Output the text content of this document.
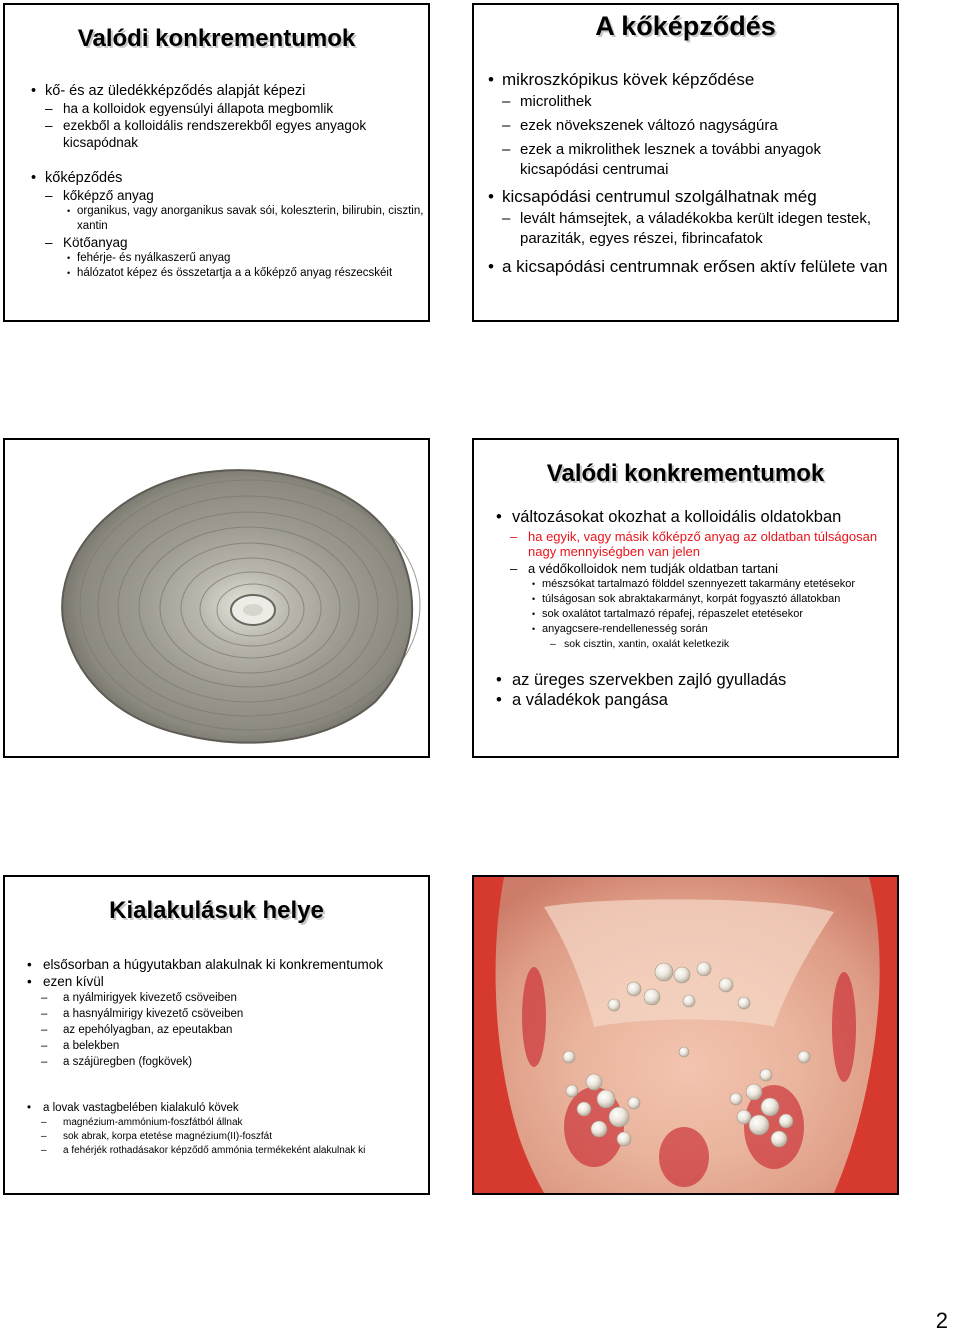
Valódi konkrementumok
• kő- és az üledékképződés alapját képezi
– ha a kolloidok egyensúlyi állapota megbomlik
– ezekből a kolloidális rendszerekből egyes anyagok kicsapódnak
• kőképződés
– kőképző anyag
• organikus, vagy anorganikus savak sói, koleszterin, bilirubin, cisztin, xantin
– Kötőanyag
• fehérje- és nyálkaszerű anyag
• hálózatot képez és összetartja a a kőképző anyag részecskéit
A kőképződés
• mikroszkópikus kövek képződése
– microlithek
– ezek növekszenek változó nagyságúra
– ezek a mikrolithek lesznek a további anyagok kicsapódási centrumai
• kicsapódási centrumul szolgálhatnak még
– levált hámsejtek, a váladékokba került idegen testek, paraziták, egyes részei, fibrincafatok
• a kicsapódási centrumnak erősen aktív felülete van
Valódi konkrementumok
• változásokat okozhat a kolloidális oldatokban
– ha egyik, vagy másik kőképző anyag az oldatban túlságosan nagy mennyiségben van jelen
– a védőkolloidok nem tudják oldatban tartani
• mészsókat tartalmazó földdel szennyezett takarmány etetésekor
• túlságosan sok abraktakarmányt, korpát fogyasztó állatokban
• sok oxalátot tartalmazó répafej, répaszelet etetésekor
• anyagcsere-rendellenesség során
– sok cisztin, xantin, oxalát keletkezik
• az üreges szervekben zajló gyulladás
• a váladékok pangása
Kialakulásuk helye
• elsősorban a húgyutakban alakulnak ki konkrementumok
• ezen kívül
– a nyálmirigyek kivezető csöveiben
– a hasnyálmirigy kivezető csöveiben
– az epehólyagban, az epeutakban
– a belekben
– a szájüregben (fogkövek)
• a lovak vastagbelében kialakuló kövek
– magnézium-ammónium-foszfátból állnak
– sok abrak, korpa etetése magnézium(II)-foszfát
– a fehérjék rothadásakor képződő ammónia termékeként alakulnak ki
2
